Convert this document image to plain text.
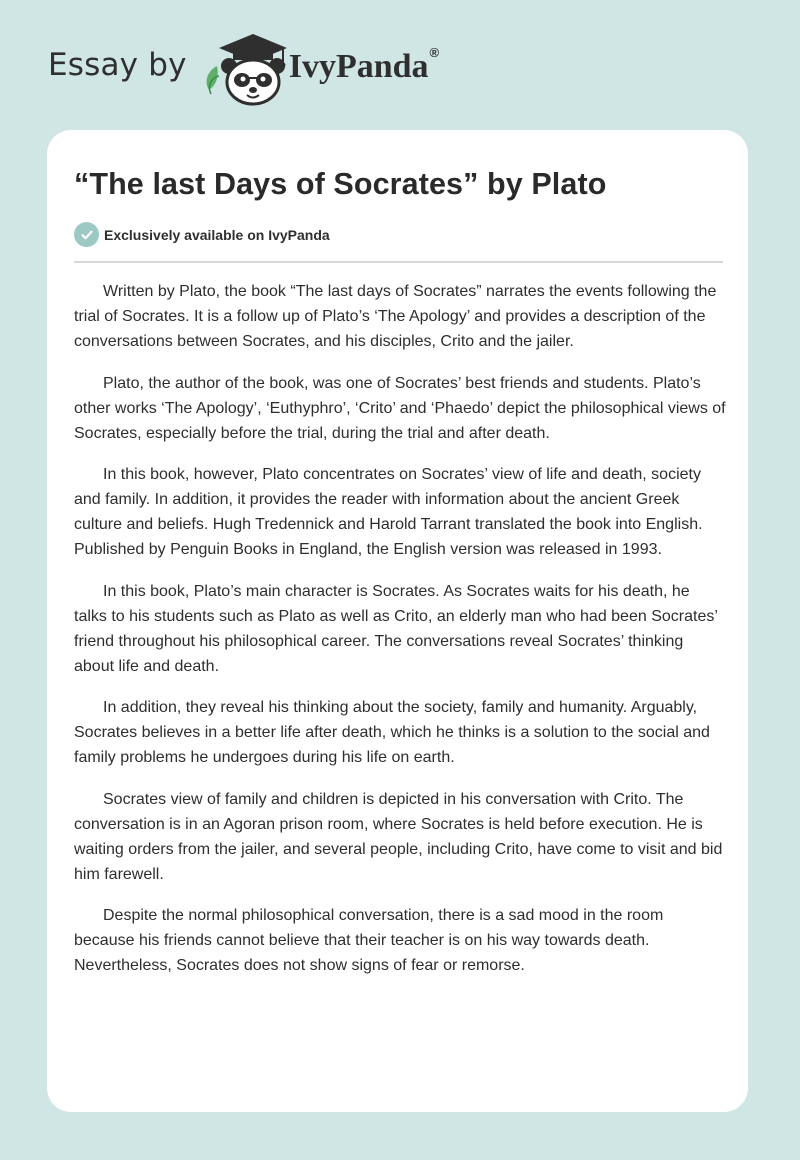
Essay by	IvyPanda ®
“The last Days of Socrates” by Plato
Exclusively available on IvyPanda

Written by Plato, the book “The last days of Socrates” narrates the events following the trial of Socrates. It is a follow up of Plato’s ‘The Apology’ and provides a description of the conversations between Socrates, and his disciples, Crito and the jailer.

Plato, the author of the book, was one of Socrates’ best friends and students. Plato’s other works ‘The Apology’, ‘Euthyphro’, ‘Crito’ and ‘Phaedo’ depict the philosophical views of Socrates, especially before the trial, during the trial and after death.

In this book, however, Plato concentrates on Socrates’ view of life and death, society and family. In addition, it provides the reader with information about the ancient Greek culture and beliefs. Hugh Tredennick and Harold Tarrant translated the book into English. Published by Penguin Books in England, the English version was released in 1993.

In this book, Plato’s main character is Socrates. As Socrates waits for his death, he talks to his students such as Plato as well as Crito, an elderly man who had been Socrates’ friend throughout his philosophical career. The conversations reveal Socrates’ thinking about life and death.

In addition, they reveal his thinking about the society, family and humanity. Arguably, Socrates believes in a better life after death, which he thinks is a solution to the social and family problems he undergoes during his life on earth.

Socrates view of family and children is depicted in his conversation with Crito. The conversation is in an Agoran prison room, where Socrates is held before execution. He is waiting orders from the jailer, and several people, including Crito, have come to visit and bid him farewell.

Despite the normal philosophical conversation, there is a sad mood in the room because his friends cannot believe that their teacher is on his way towards death. Nevertheless, Socrates does not show signs of fear or remorse.
